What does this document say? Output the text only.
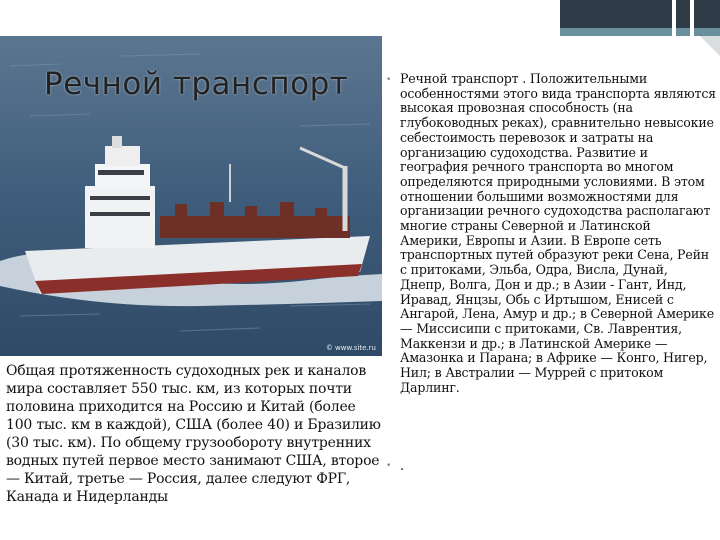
© www.site.ru
Речной транспорт
Общая протяженность судоходных рек и каналов мира составляет 550 тыс. км, из которых почти половина приходится на Россию и Китай (более 100 тыс. км в каждой), США (более 40) и Бразилию (30 тыс. км). По общему грузообороту внутренних водных путей первое место занимают США, второе — Китай, третье — Россия, далее следуют ФРГ, Канада и Нидерланды
• Речной транспорт . Положительными особенностями этого вида транспорта являются высокая провозная способность (на глубоководных реках), сравнительно невысокие себестоимость перевозок и затраты на организацию судоходства. Развитие и география речного транспорта во многом определяются природными условиями. В этом отношении большими возможностями для организации речного судоходства располагают многие страны Северной и Латинской Америки, Европы и Азии. В Европе сеть транспортных путей образуют реки Сена, Рейн с притоками, Эльба, Одра, Висла, Дунай, Днепр, Волга, Дон и др.; в Азии - Гант, Инд, Иравад, Янцзы, Обь с Иртышом, Енисей с Ангарой, Лена, Амур и др.; в Северной Америке — Миссисипи с притоками, Св. Лаврентия, Маккензи и др.; в Латинской Америке — Амазонка и Парана; в Африке — Конго, Нигер, Нил; в Австралии — Муррей с притоком Дарлинг.
• .
